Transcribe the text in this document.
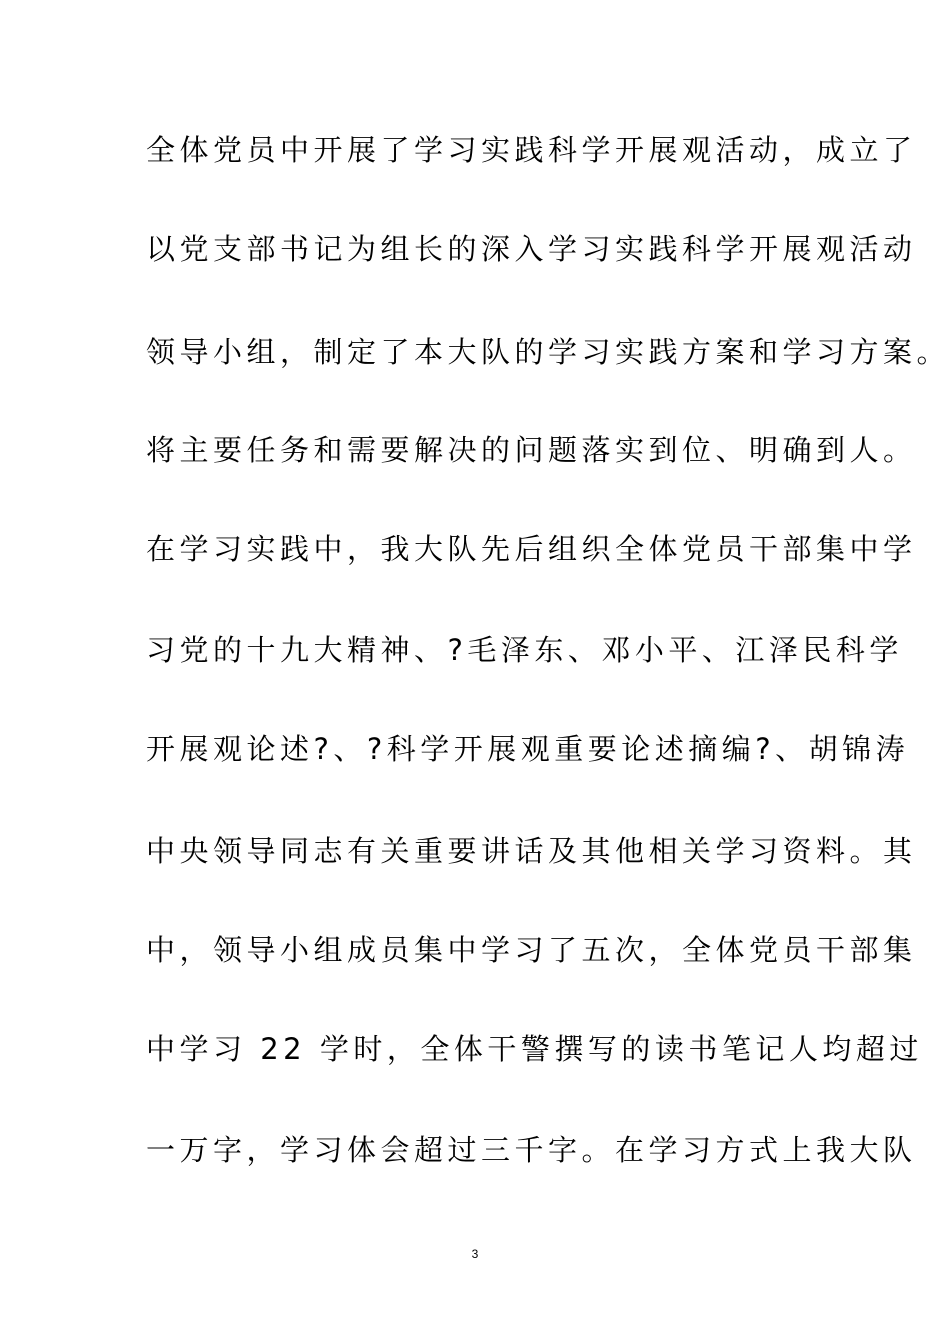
全体党员中开展了学习实践科学开展观活动，成立了
以党支部书记为组长的深入学习实践科学开展观活动
领导小组，制定了本大队的学习实践方案和学习方案。
将主要任务和需要解决的问题落实到位、明确到人。
在学习实践中，我大队先后组织全体党员干部集中学
习党的十九大精神、?毛泽东、邓小平、江泽民科学
开展观论述?、?科学开展观重要论述摘编?、胡锦涛
中央领导同志有关重要讲话及其他相关学习资料。其
中，领导小组成员集中学习了五次，全体党员干部集
中学习 22 学时，全体干警撰写的读书笔记人均超过
一万字，学习体会超过三千字。在学习方式上我大队
3
